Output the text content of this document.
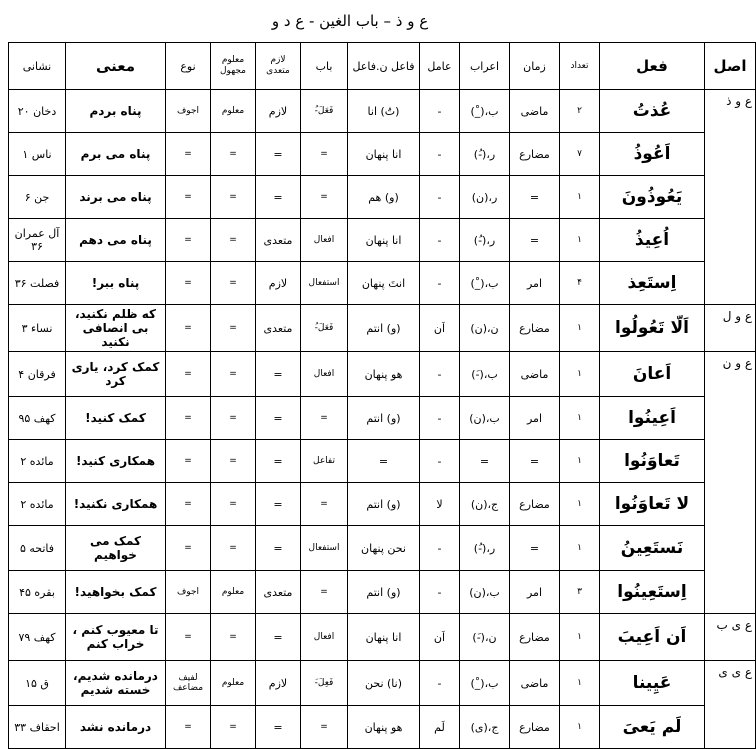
ع و ذ – باب الغین - ع د و
اصل	فعل	تعداد	زمان	اعراب	عامل	فاعل ن.فاعل	باب	لازم متعدی	معلوم مجهول	نوع	معنی	نشانی
ع و ذ	عُذتُ	۲	ماضی	ب،(_ْ)	-	(تُ) انا	فَعَلَ-ُ	لازم	معلوم	اجوف	پناه بردم	دخان ۲۰
	اَعُوذُ	۷	مضارع	ر،(-ُ)	-	انا پنهان	=	=	=	=	پناه می برم	ناس ۱
	يَعُوذُونَ	۱	=	ر،(ن)	-	(و) هم	=	=	=	=	پناه می برند	جن ۶
	اُعِيذُ	۱	=	ر،(-ُ)	-	انا پنهان	افعال	متعدی	=	=	پناه می دهم	آل عمران ۳۶
	اِستَعِذ	۴	امر	ب،(_ْ)	-	انتَ پنهان	استفعال	لازم	=	=	پناه ببر!	فصلت ۳۶
ع و ل	اَلّا تَعُولُوا	۱	مضارع	ن،(ن)	اَن	(و) انتم	فَعَلَ-ُ	متعدی	=	=	که ظلم نکنید، بی انصافی نکنید	نساء ۳
ع و ن	اَعانَ	۱	ماضی	ب،(-َ)	-	هو پنهان	افعال	=	=	=	کمک کرد، یاری کرد	فرقان ۴
	اَعِينُوا	۱	امر	ب،(ن)	-	(و) انتم	=	=	=	=	کمک کنید!	کهف ۹۵
	تَعاوَنُوا	۱	=	=	-	=	تفاعل	=	=	=	همکاری کنید!	مائده ۲
	لا تَعاوَنُوا	۱	مضارع	ج،(ن)	لا	(و) انتم	=	=	=	=	همکاری نکنید!	مائده ۲
	نَستَعِينُ	۱	=	ر،(-ُ)	-	نحن پنهان	استفعال	=	=	=	کمک می خواهیم	فاتحه ۵
	اِستَعِينُوا	۳	امر	ب،(ن)	-	(و) انتم	=	متعدی	معلوم	اجوف	کمک بخواهید!	بقره ۴۵
ع ی ب	اَن اَعِيبَ	۱	مضارع	ن،(-َ)	اَن	انا پنهان	افعال	=	=	=	تا معیوب کنم ، خراب کنم	کهف ۷۹
ع ی ی	عَيِينا	۱	ماضی	ب،(_ْ)	-	(نا) نحن	فَعِلَ-َ	لازم	معلوم	لفیف مضاعف	درمانده شدیم، خسته شدیم	ق ۱۵
	لَم يَعىَ	۱	مضارع	ج،(ی)	لَم	هو پنهان	=	=	=	=	درمانده نشد	احقاف ۳۳
